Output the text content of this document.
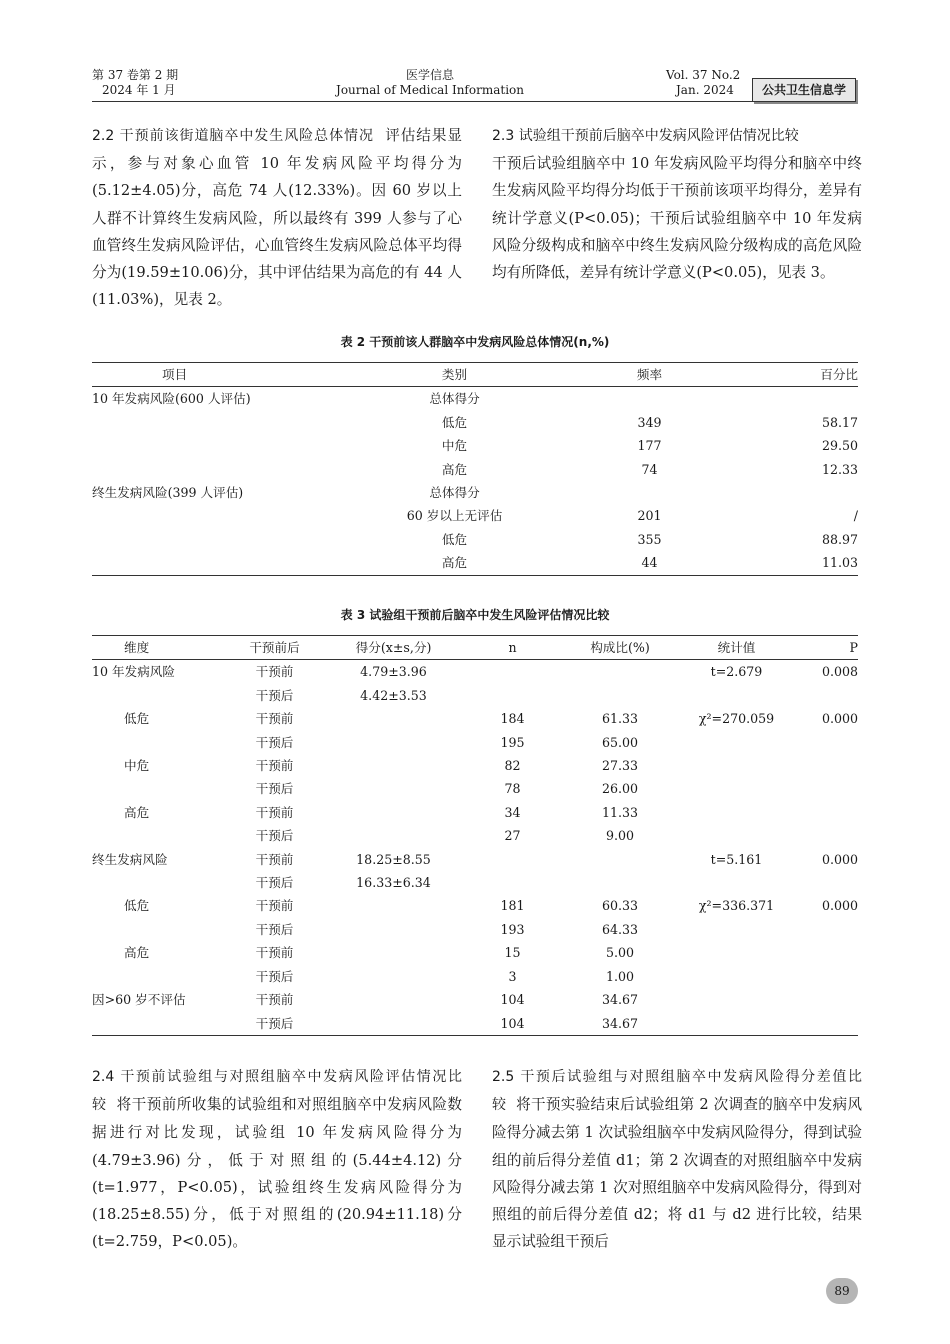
第 37 卷第 2 期
2024 年 1 月
医学信息
Journal of Medical Information
Vol. 37 No.2
Jan. 2024	公共卫生信息学

2.2 干预前该街道脑卒中发生风险总体情况 评估结果显示，参与对象心血管 10 年发病风险平均得分为(5.12±4.05)分，高危 74 人(12.33%)。因 60 岁以上人群不计算终生发病风险，所以最终有 399 人参与了心血管终生发病风险评估，心血管终生发病风险总体平均得分为(19.59±10.06)分，其中评估结果为高危的有 44 人(11.03%)，见表 2。

2.3 试验组干预前后脑卒中发病风险评估情况比较
干预后试验组脑卒中 10 年发病风险平均得分和脑卒中终生发病风险平均得分均低于干预前该项平均得分，差异有统计学意义(P<0.05)；干预后试验组脑卒中 10 年发病风险分级构成和脑卒中终生发病风险分级构成的高危风险均有所降低，差异有统计学意义(P<0.05)，见表 3。

表 2 干预前该人群脑卒中发病风险总体情况(n,%)
项目	类别	频率	百分比
10 年发病风险(600 人评估)	总体得分		
	低危	349	58.17
	中危	177	29.50
	高危	74	12.33
终生发病风险(399 人评估)	总体得分		
	60 岁以上无评估	201	/
	低危	355	88.97
	高危	44	11.03
表 3 试验组干预前后脑卒中发生风险评估情况比较
维度	干预前后	得分(x±s,分)	n	构成比(%)	统计值	P
10 年发病风险	干预前	4.79±3.96			t=2.679	0.008
	干预后	4.42±3.53				
低危	干预前		184	61.33	χ²=270.059	0.000
	干预后		195	65.00		
中危	干预前		82	27.33		
	干预后		78	26.00		
高危	干预前		34	11.33		
	干预后		27	9.00		
终生发病风险	干预前	18.25±8.55			t=5.161	0.000
	干预后	16.33±6.34				
低危	干预前		181	60.33	χ²=336.371	0.000
	干预后		193	64.33		
高危	干预前		15	5.00		
	干预后		3	1.00		
因>60 岁不评估	干预前		104	34.67		
	干预后		104	34.67		

2.4 干预前试验组与对照组脑卒中发病风险评估情况比较 将干预前所收集的试验组和对照组脑卒中发病风险数据进行对比发现，试验组 10 年发病风险得分为(4.79±3.96)分，低于对照组的(5.44±4.12)分(t=1.977，P<0.05)，试验组终生发病风险得分为(18.25±8.55)分，低于对照组的(20.94±11.18)分(t=2.759，P<0.05)。

2.5 干预后试验组与对照组脑卒中发病风险得分差值比较 将干预实验结束后试验组第 2 次调查的脑卒中发病风险得分减去第 1 次试验组脑卒中发病风险得分，得到试验组的前后得分差值 d1；第 2 次调查的对照组脑卒中发病风险得分减去第 1 次对照组脑卒中发病风险得分，得到对照组的前后得分差值 d2；将 d1 与 d2 进行比较，结果显示试验组干预后

89
